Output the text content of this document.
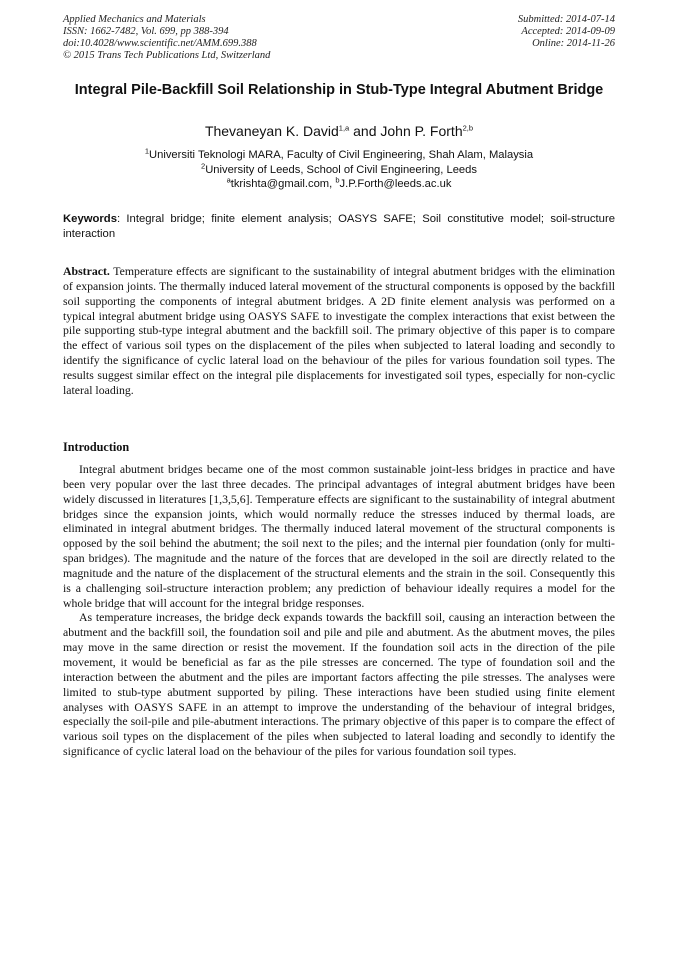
Applied Mechanics and Materials
ISSN: 1662-7482, Vol. 699, pp 388-394
doi:10.4028/www.scientific.net/AMM.699.388
© 2015 Trans Tech Publications Ltd, Switzerland
Submitted: 2014-07-14
Accepted: 2014-09-09
Online: 2014-11-26
Integral Pile-Backfill Soil Relationship in Stub-Type Integral Abutment Bridge
Thevaneyan K. David$^{1,a}$ and John P. Forth$^{2,b}$
$^1$Universiti Teknologi MARA, Faculty of Civil Engineering, Shah Alam, Malaysia
$^2$University of Leeds, School of Civil Engineering, Leeds
$^a$tkrishta@gmail.com, $^b$J.P.Forth@leeds.ac.uk
Keywords: Integral bridge; finite element analysis; OASYS SAFE; Soil constitutive model; soil-structure interaction
Abstract. Temperature effects are significant to the sustainability of integral abutment bridges with the elimination of expansion joints. The thermally induced lateral movement of the structural components is opposed by the backfill soil supporting the components of integral abutment bridges. A 2D finite element analysis was performed on a typical integral abutment bridge using OASYS SAFE to investigate the complex interactions that exist between the pile supporting stub-type integral abutment and the backfill soil. The primary objective of this paper is to compare the effect of various soil types on the displacement of the piles when subjected to lateral loading and secondly to identify the significance of cyclic lateral load on the behaviour of the piles for various foundation soil types. The results suggest similar effect on the integral pile displacements for investigated soil types, especially for non-cyclic lateral loading.
Introduction

Integral abutment bridges became one of the most common sustainable joint-less bridges in practice and have been very popular over the last three decades. The principal advantages of integral abutment bridges have been widely discussed in literatures [1,3,5,6]. Temperature effects are significant to the sustainability of integral abutment bridges since the expansion joints, which would normally reduce the stresses induced by thermal loads, are eliminated in integral abutment bridges. The thermally induced lateral movement of the structural components is opposed by the soil behind the abutment; the soil next to the piles; and the internal pier foundation (only for multi-span bridges). The magnitude and the nature of the forces that are developed in the soil are directly related to the magnitude and the nature of the displacement of the structural elements and the strain in the soil. Consequently this is a challenging soil-structure interaction problem; any prediction of behaviour ideally requires a model for the whole bridge that will account for the integral bridge responses.

As temperature increases, the bridge deck expands towards the backfill soil, causing an interaction between the abutment and the backfill soil, the foundation soil and pile and pile and abutment. As the abutment moves, the piles may move in the same direction or resist the movement. If the foundation soil acts in the direction of the pile movement, it would be beneficial as far as the pile stresses are concerned. The type of foundation soil and the interaction between the abutment and the piles are important factors affecting the pile stresses. The analyses were limited to stub-type abutment supported by piling. These interactions have been studied using finite element analyses with OASYS SAFE in an attempt to improve the understanding of the behaviour of integral bridges, especially the soil-pile and pile-abutment interactions. The primary objective of this paper is to compare the effect of various soil types on the displacement of the piles when subjected to lateral loading and secondly to identify the significance of cyclic lateral load on the behaviour of the piles for various foundation soil types.
